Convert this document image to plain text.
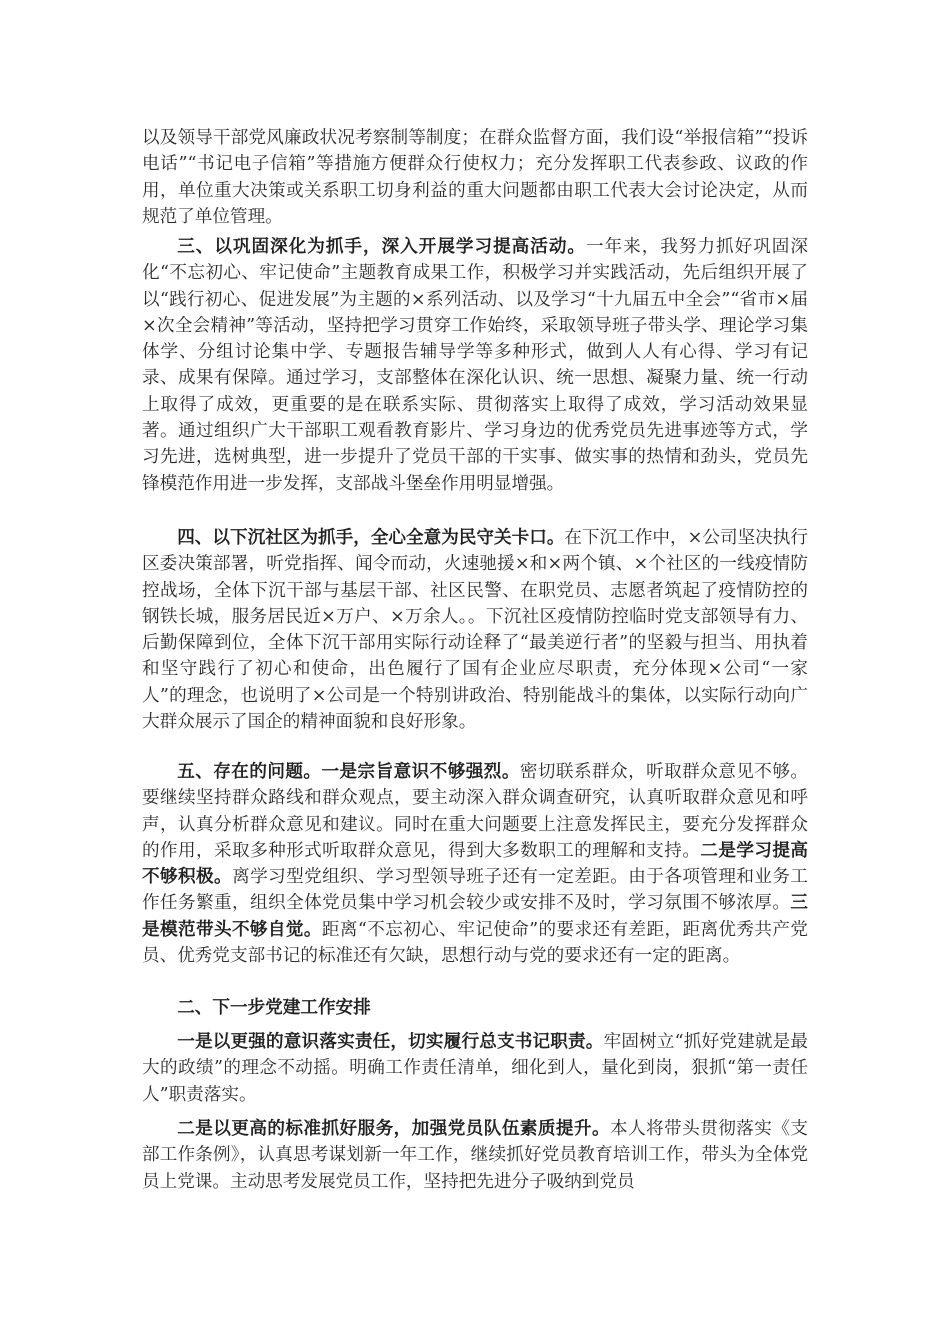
以及领导干部党风廉政状况考察制等制度；在群众监督方面，我们设“举报信箱”“投诉电话”“书记电子信箱”等措施方便群众行使权力；充分发挥职工代表参政、议政的作用，单位重大决策或关系职工切身利益的重大问题都由职工代表大会讨论决定，从而规范了单位管理。

三、以巩固深化为抓手，深入开展学习提高活动。一年来，我努力抓好巩固深化“不忘初心、牢记使命”主题教育成果工作，积极学习并实践活动，先后组织开展了以“践行初心、促进发展”为主题的×系列活动、以及学习“十九届五中全会”“省市×届×次全会精神”等活动，坚持把学习贯穿工作始终，采取领导班子带头学、理论学习集体学、分组讨论集中学、专题报告辅导学等多种形式，做到人人有心得、学习有记录、成果有保障。通过学习，支部整体在深化认识、统一思想、凝聚力量、统一行动上取得了成效，更重要的是在联系实际、贯彻落实上取得了成效，学习活动效果显著。通过组织广大干部职工观看教育影片、学习身边的优秀党员先进事迹等方式，学习先进，选树典型，进一步提升了党员干部的干实事、做实事的热情和劲头，党员先锋模范作用进一步发挥，支部战斗堡垒作用明显增强。

四、以下沉社区为抓手，全心全意为民守关卡口。在下沉工作中，×公司坚决执行区委决策部署，听党指挥、闻令而动，火速驰援×和×两个镇、×个社区的一线疫情防控战场，全体下沉干部与基层干部、社区民警、在职党员、志愿者筑起了疫情防控的钢铁长城，服务居民近×万户、×万余人。。下沉社区疫情防控临时党支部领导有力、后勤保障到位，全体下沉干部用实际行动诠释了“最美逆行者”的坚毅与担当、用执着和坚守践行了初心和使命，出色履行了国有企业应尽职责，充分体现×公司“一家人”的理念，也说明了×公司是一个特别讲政治、特别能战斗的集体，以实际行动向广大群众展示了国企的精神面貌和良好形象。

五、存在的问题。一是宗旨意识不够强烈。密切联系群众，听取群众意见不够。要继续坚持群众路线和群众观点，要主动深入群众调查研究，认真听取群众意见和呼声，认真分析群众意见和建议。同时在重大问题要上注意发挥民主，要充分发挥群众的作用，采取多种形式听取群众意见，得到大多数职工的理解和支持。二是学习提高不够积极。离学习型党组织、学习型领导班子还有一定差距。由于各项管理和业务工作任务繁重，组织全体党员集中学习机会较少或安排不及时，学习氛围不够浓厚。三是模范带头不够自觉。距离“不忘初心、牢记使命”的要求还有差距，距离优秀共产党员、优秀党支部书记的标准还有欠缺，思想行动与党的要求还有一定的距离。

二、下一步党建工作安排

一是以更强的意识落实责任，切实履行总支书记职责。牢固树立“抓好党建就是最大的政绩”的理念不动摇。明确工作责任清单，细化到人，量化到岗，狠抓“第一责任人”职责落实。

二是以更高的标准抓好服务，加强党员队伍素质提升。本人将带头贯彻落实《支部工作条例》，认真思考谋划新一年工作，继续抓好党员教育培训工作，带头为全体党员上党课。主动思考发展党员工作，坚持把先进分子吸纳到党员
